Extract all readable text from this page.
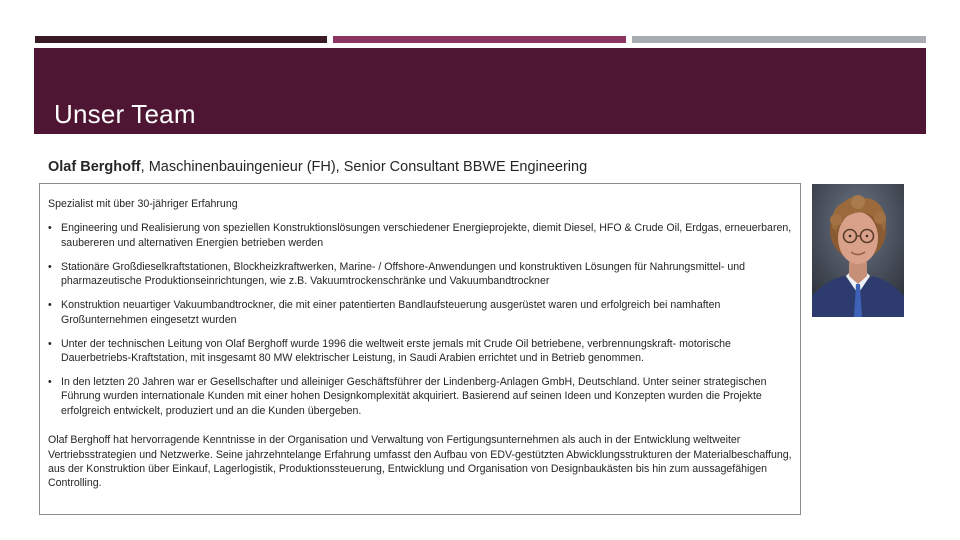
Unser Team
Olaf Berghoff, Maschinenbauingenieur (FH), Senior Consultant BBWE Engineering

Spezialist mit über 30-jähriger Erfahrung

• Engineering und Realisierung von speziellen Konstruktionslösungen verschiedener Energieprojekte, diemit Diesel, HFO & Crude Oil, Erdgas, erneuerbaren, saubereren und alternativen Energien betrieben werden
• Stationäre Großdieselkraftstationen, Blockheizkraftwerken, Marine- / Offshore-Anwendungen und konstruktiven Lösungen für Nahrungsmittel- und pharmazeutische Produktionseinrichtungen, wie z.B. Vakuumtrockenschränke und Vakuumbandtrockner
• Konstruktion neuartiger Vakuumbandtrockner, die mit einer patentierten Bandlaufsteuerung ausgerüstet waren und erfolgreich bei namhaften Großunternehmen eingesetzt wurden
• Unter der technischen Leitung von Olaf Berghoff wurde 1996 die weltweit erste jemals mit Crude Oil betriebene, verbrennungskraft- motorische Dauerbetriebs-Kraftstation, mit insgesamt 80 MW elektrischer Leistung, in Saudi Arabien errichtet und in Betrieb genommen.
• In den letzten 20 Jahren war er Gesellschafter und alleiniger Geschäftsführer der Lindenberg-Anlagen GmbH, Deutschland. Unter seiner strategischen Führung wurden internationale Kunden mit einer hohen Designkomplexität akquiriert. Basierend auf seinen Ideen und Konzepten wurden die Projekte erfolgreich entwickelt, produziert und an die Kunden übergeben.

Olaf Berghoff hat hervorragende Kenntnisse in der Organisation und Verwaltung von Fertigungsunternehmen als auch in der Entwicklung weltweiter Vertriebsstrategien und Netzwerke. Seine jahrzehntelange Erfahrung umfasst den Aufbau von EDV-gestützten Abwicklungsstrukturen der Materialbeschaffung, aus der Konstruktion über Einkauf, Lagerlogistik, Produktionssteuerung, Entwicklung und Organisation von Designbaukästen bis hin zum aussagefähigen Controlling.
